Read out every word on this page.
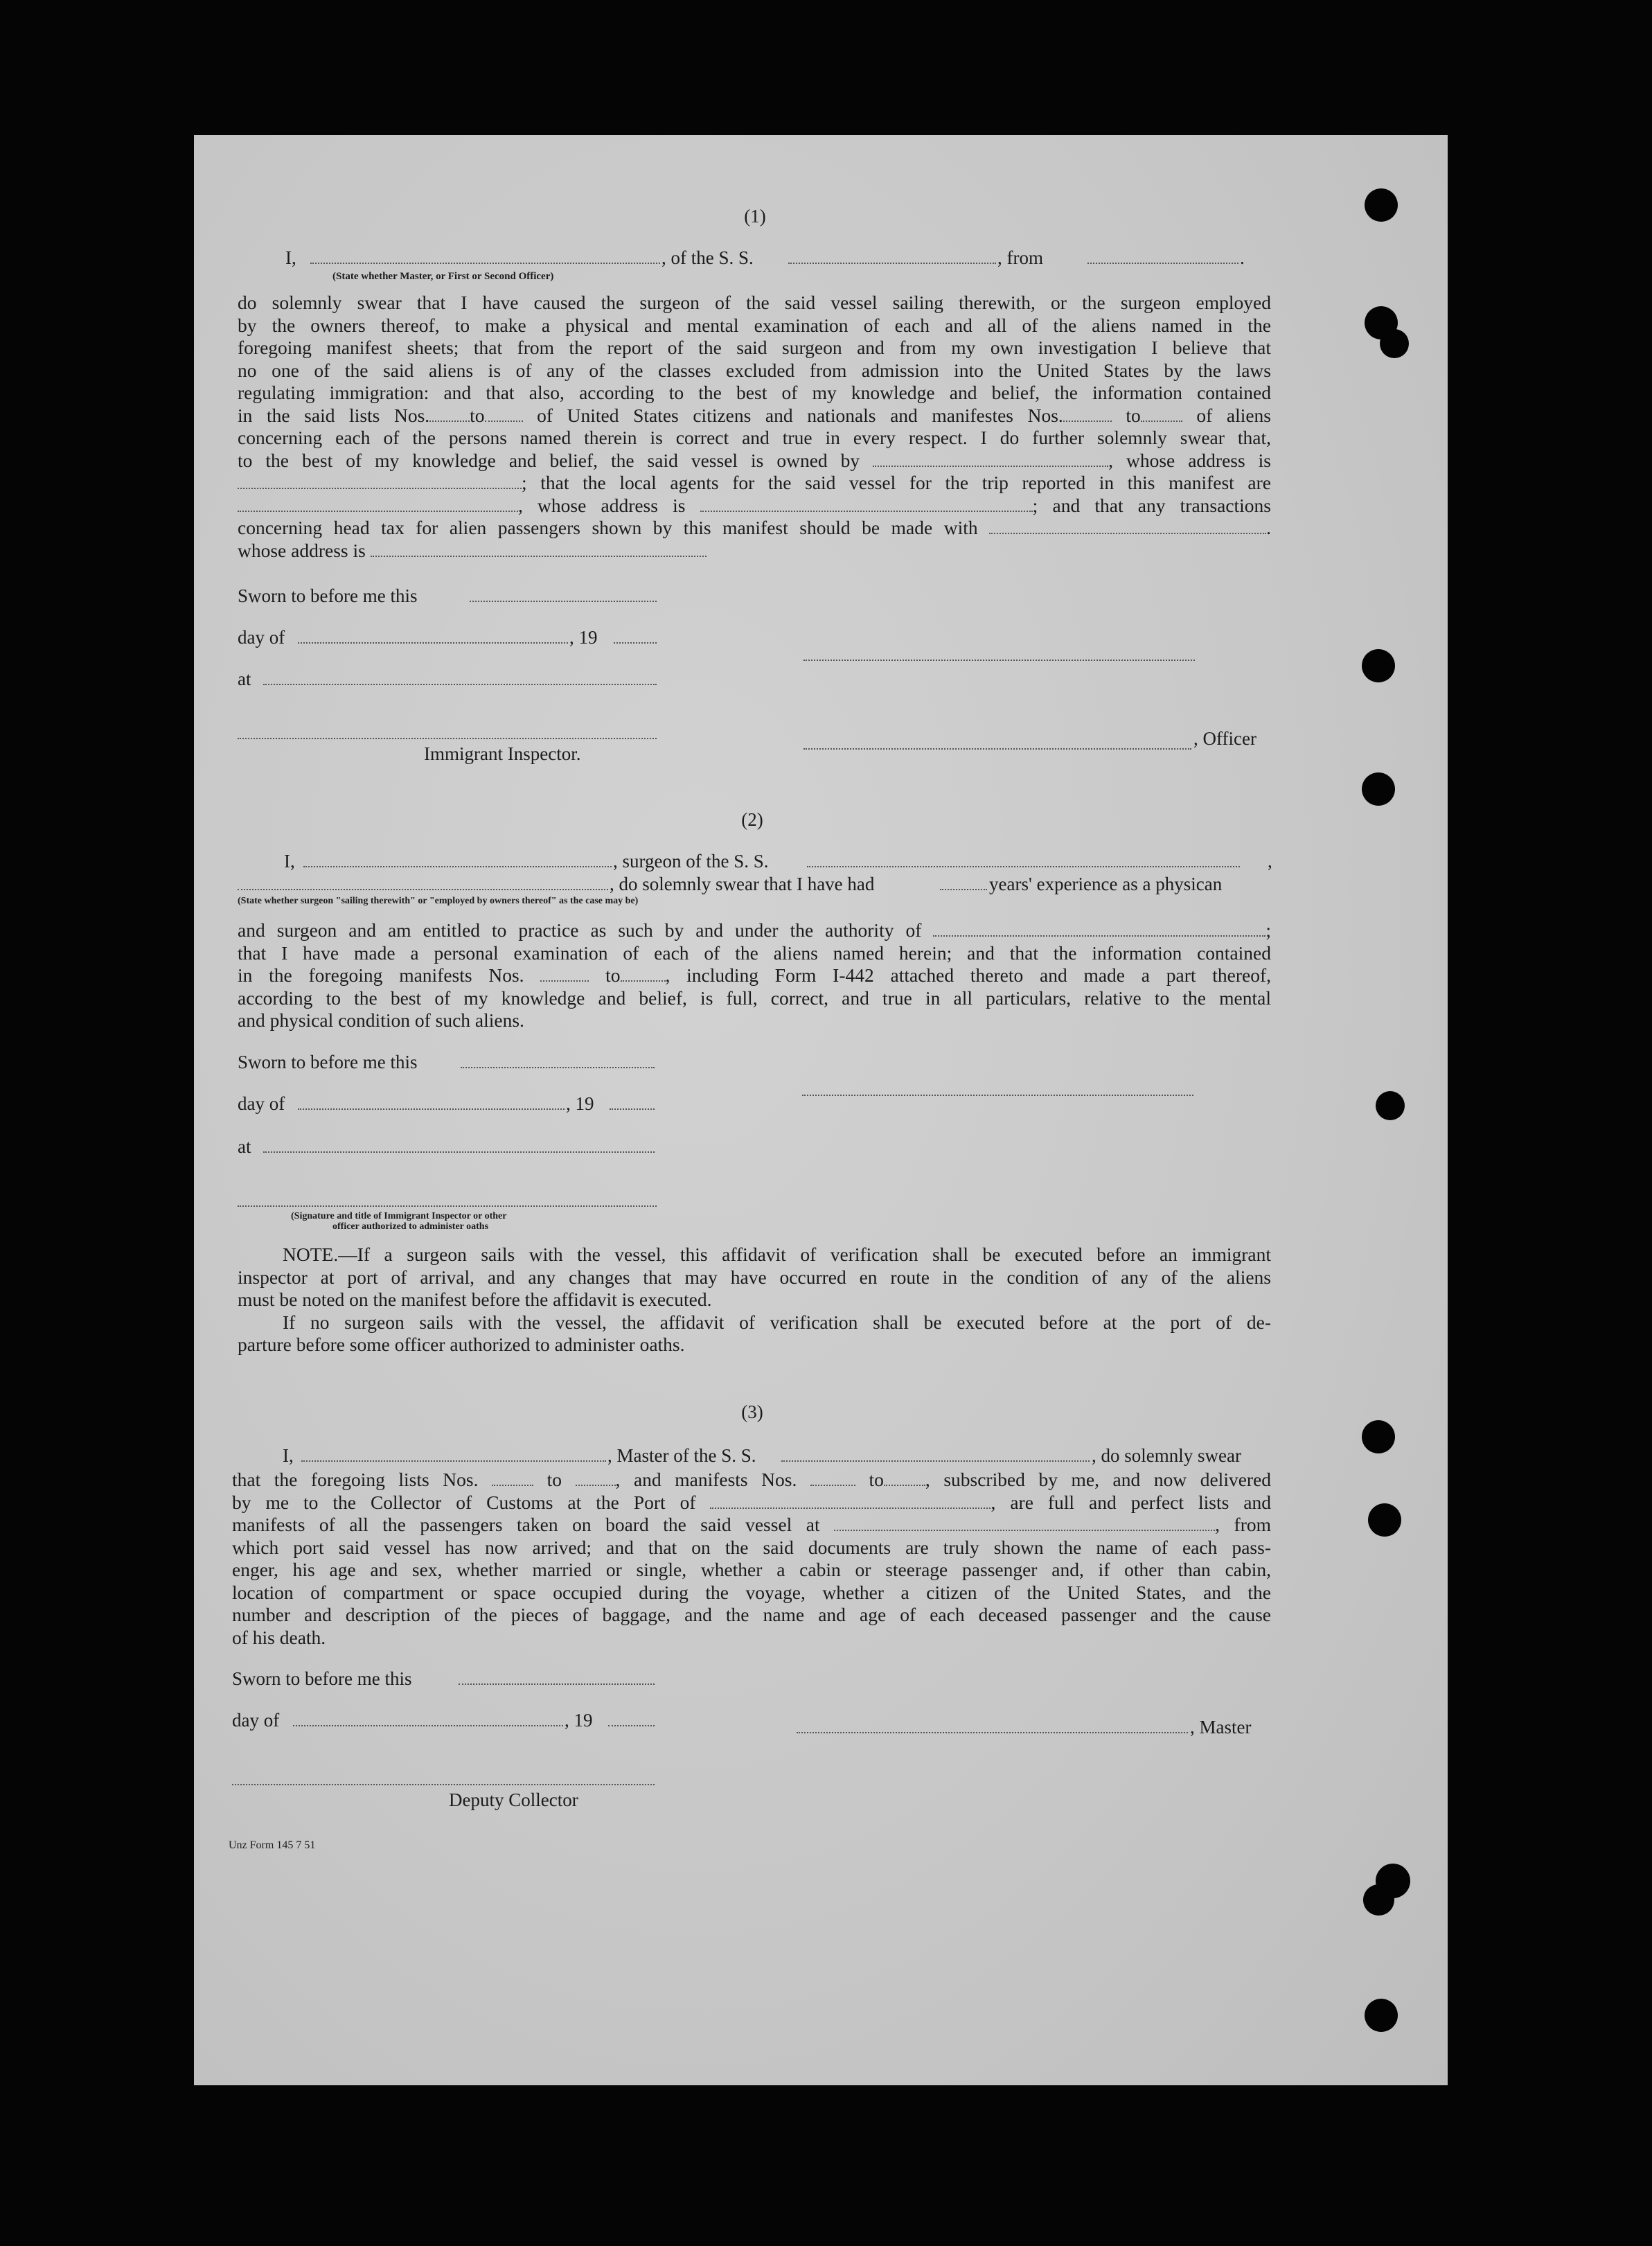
(1)
I,	, of the S. S.	, from	.
(State whether Master, or First or Second Officer)
do solemnly swear that I have caused the surgeon of the said vessel sailing therewith, or the surgeon employed
by the owners thereof, to make a physical and mental examination of each and all of the aliens named in the
foregoing manifest sheets; that from the report of the said surgeon and from my own investigation I believe that
no one of the said aliens is of any of the classes excluded from admission into the United States by the laws
regulating immigration: and that also, according to the best of my knowledge and belief, the information contained
in the said lists Nos. to	of United States citizens and nationals and manifestes Nos.	to	of aliens
concerning each of the persons named therein is correct and true in every respect. I do further solemnly swear that,
to the best of my knowledge and belief, the said vessel is owned by	, whose address is
; that the local agents for the said vessel for the trip reported in this manifest are
, whose address is	; and that any transactions
concerning head tax for alien passengers shown by this manifest should be made with	.
whose address is
Sworn to before me this
day of	, 19
at
, Officer
Immigrant Inspector.
(2)
I,	, surgeon of the S. S.	,
, do solemnly swear that I have had	years' experience as a physican
(State whether surgeon "sailing therewith" or "employed by owners thereof" as the case may be)
and surgeon and am entitled to practice as such by and under the authority of	;
that I have made a personal examination of each of the aliens named herein; and that the information contained
in the foregoing manifests Nos.	to , including Form I-442 attached thereto and made a part thereof,
according to the best of my knowledge and belief, is full, correct, and true in all particulars, relative to the mental
and physical condition of such aliens.
Sworn to before me this
day of	, 19
at
(Signature and title of Immigrant Inspector or other
officer authorized to administer oaths
NOTE.—If a surgeon sails with the vessel, this affidavit of verification shall be executed before an immigrant
inspector at port of arrival, and any changes that may have occurred en route in the condition of any of the aliens
must be noted on the manifest before the affidavit is executed.
If no surgeon sails with the vessel, the affidavit of verification shall be executed before at the port of de-
parture before some officer authorized to administer oaths.
(3)
I,	, Master of the S. S.	, do solemnly swear
that the foregoing lists Nos.	to	, and manifests Nos.	to , subscribed by me, and now delivered
by me to the Collector of Customs at the Port of	, are full and perfect lists and
manifests of all the passengers taken on board the said vessel at	, from
which port said vessel has now arrived; and that on the said documents are truly shown the name of each pass-
enger, his age and sex, whether married or single, whether a cabin or steerage passenger and, if other than cabin,
location of compartment or space occupied during the voyage, whether a citizen of the United States, and the
number and description of the pieces of baggage, and the name and age of each deceased passenger and the cause
of his death.
Sworn to before me this
day of	, 19	, Master
Deputy Collector
Unz Form 145 7 51
